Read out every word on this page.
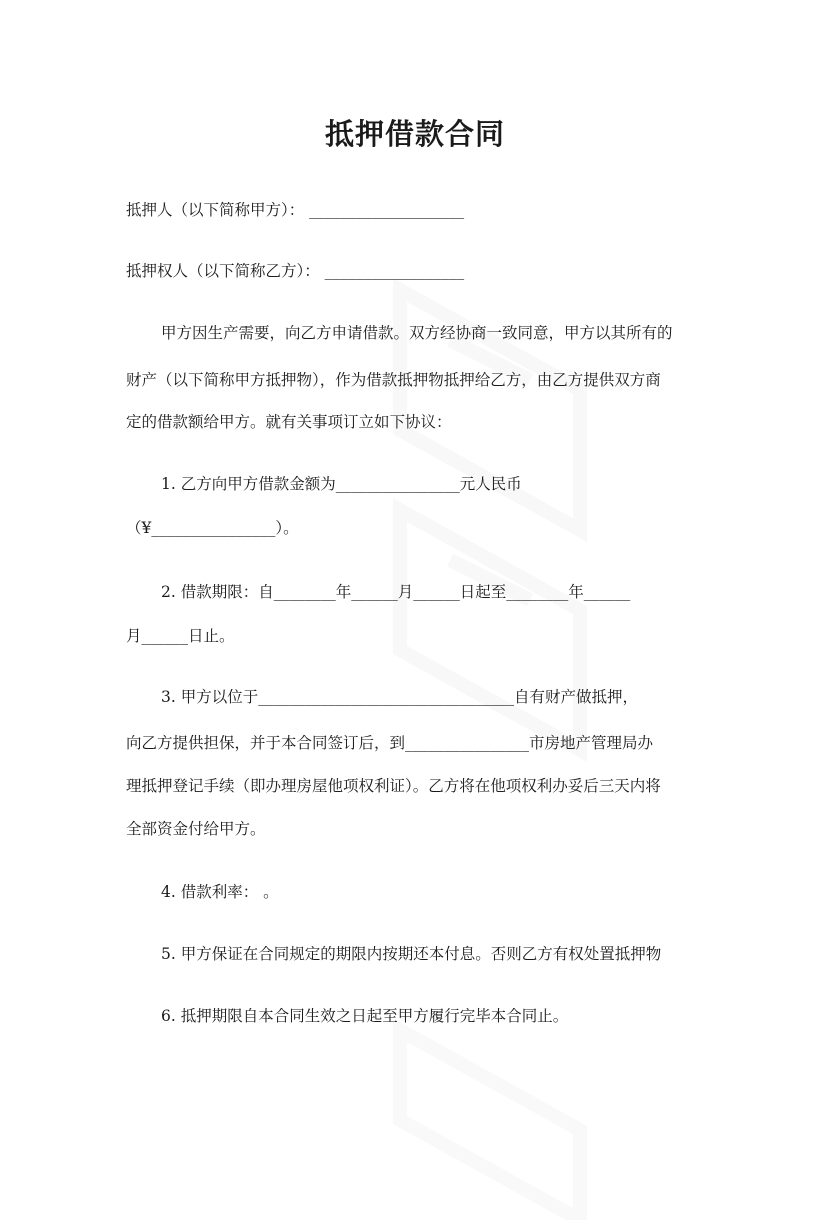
抵押借款合同
抵押人（以下简称甲方）： ____________________
抵押权人（以下简称乙方）： __________________
甲方因生产需要，向乙方申请借款。双方经协商一致同意，甲方以其所有的
财产（以下简称甲方抵押物），作为借款抵押物抵押给乙方，由乙方提供双方商
定的借款额给甲方。就有关事项订立如下协议：
1. 乙方向甲方借款金额为________________元人民币
（¥________________）。
2. 借款期限：自________年______月______日起至________年______
月______日止。
3. 甲方以位于_________________________________自有财产做抵押，
向乙方提供担保，并于本合同签订后，到________________市房地产管理局办
理抵押登记手续（即办理房屋他项权利证）。乙方将在他项权利办妥后三天内将
全部资金付给甲方。
4. 借款利率： 。
5. 甲方保证在合同规定的期限内按期还本付息。否则乙方有权处置抵押物
6. 抵押期限自本合同生效之日起至甲方履行完毕本合同止。
